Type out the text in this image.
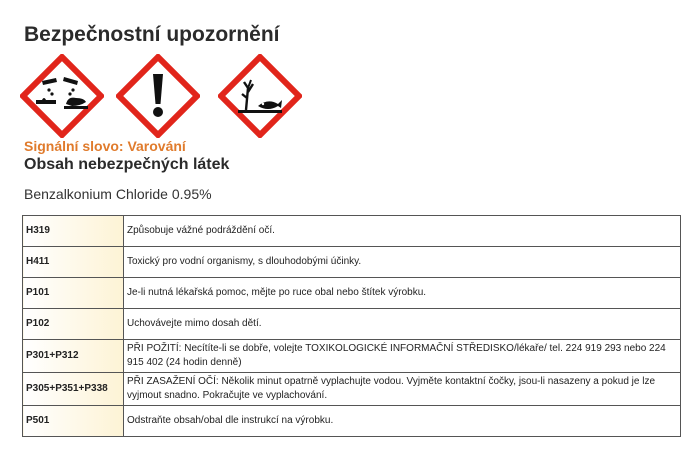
Bezpečnostní upozornění
Signální slovo: Varování
Obsah nebezpečných látek
Benzalkonium Chloride 0.95%
H319	Způsobuje vážné podráždění očí.
H411	Toxický pro vodní organismy, s dlouhodobými účinky.
P101	Je-li nutná lékařská pomoc, mějte po ruce obal nebo štítek výrobku.
P102	Uchovávejte mimo dosah dětí.
P301+P312	PŘI POŽITÍ: Necítíte-li se dobře, volejte TOXIKOLOGICKÉ INFORMAČNÍ STŘEDISKO/lékaře/ tel. 224 919 293 nebo 224 915 402 (24 hodin denně)
P305+P351+P338	PŘI ZASAŽENÍ OČÍ: Několik minut opatrně vyplachujte vodou. Vyjměte kontaktní čočky, jsou-li nasazeny a pokud je lze vyjmout snadno. Pokračujte ve vyplachování.
P501	Odstraňte obsah/obal dle instrukcí na výrobku.
